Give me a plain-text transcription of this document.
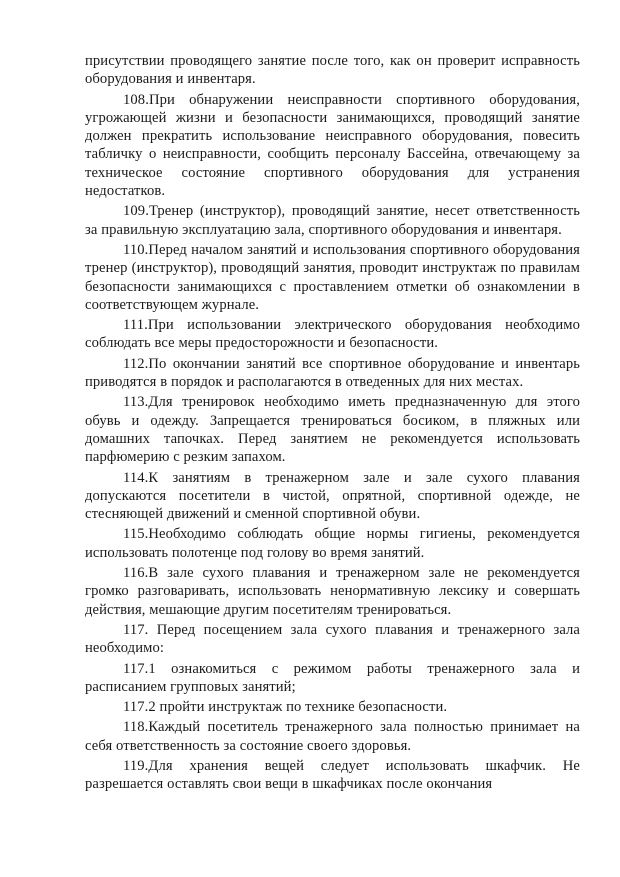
присутствии проводящего занятие после того, как он проверит исправность оборудования и инвентаря.

108.При обнаружении неисправности спортивного оборудования, угрожающей жизни и безопасности занимающихся, проводящий занятие должен прекратить использование неисправного оборудования, повесить табличку о неисправности, сообщить персоналу Бассейна, отвечающему за техническое состояние спортивного оборудования для устранения недостатков.

109.Тренер (инструктор), проводящий занятие, несет ответственность за правильную эксплуатацию зала, спортивного оборудования и инвентаря.

110.Перед началом занятий и использования спортивного оборудования тренер (инструктор), проводящий занятия, проводит инструктаж по правилам безопасности занимающихся с проставлением отметки об ознакомлении в соответствующем журнале.

111.При использовании электрического оборудования необходимо соблюдать все меры предосторожности и безопасности.

112.По окончании занятий все спортивное оборудование и инвентарь приводятся в порядок и располагаются в отведенных для них местах.

113.Для тренировок необходимо иметь предназначенную для этого обувь и одежду. Запрещается тренироваться босиком, в пляжных или домашних тапочках. Перед занятием не рекомендуется использовать парфюмерию с резким запахом.

114.К занятиям в тренажерном зале и зале сухого плавания допускаются посетители в чистой, опрятной, спортивной одежде, не стесняющей движений и сменной спортивной обуви.

115.Необходимо соблюдать общие нормы гигиены, рекомендуется использовать полотенце под голову во время занятий.

116.В зале сухого плавания и тренажерном зале не рекомендуется громко разговаривать, использовать ненормативную лексику и совершать действия, мешающие другим посетителям тренироваться.

117. Перед посещением зала сухого плавания и тренажерного зала необходимо:

117.1 ознакомиться с режимом работы тренажерного зала и расписанием групповых занятий;

117.2 пройти инструктаж по технике безопасности.

118.Каждый посетитель тренажерного зала полностью принимает на себя ответственность за состояние своего здоровья.

119.Для хранения вещей следует использовать шкафчик. Не разрешается оставлять свои вещи в шкафчиках после окончания
